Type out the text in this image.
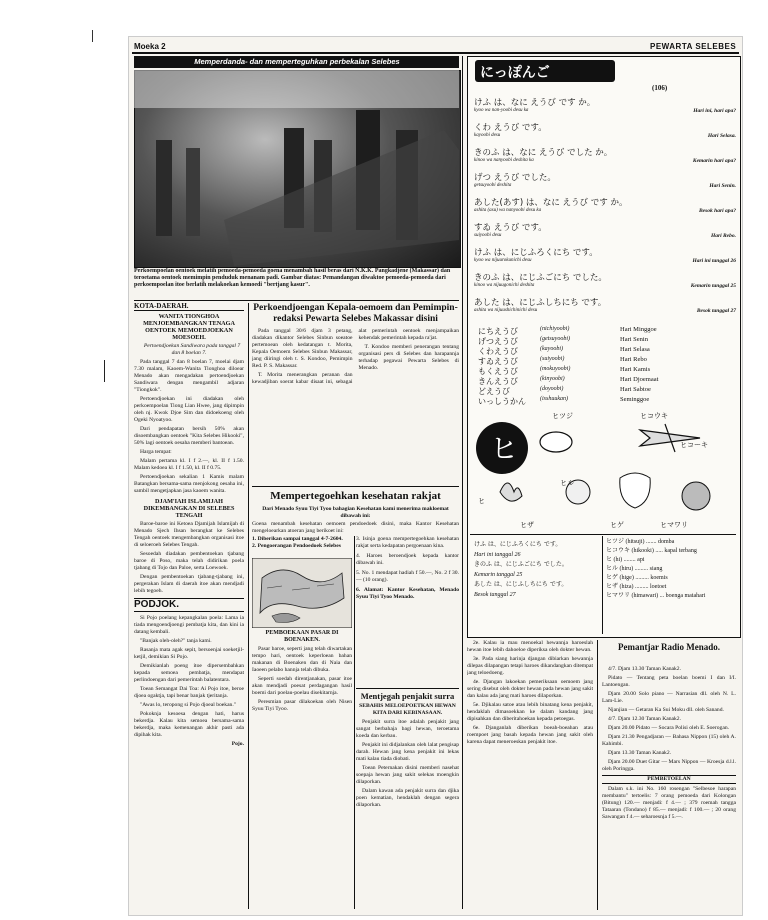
Moeka 2	PEWARTA SELEBES
Memperdanda- dan memperteguhkan perbekalan Selebes
Perkoempoelan oentoek melatih pemoeda-pemoeda goena menambah hasil beras dari N.K.K. Pangkadjene (Makassar) dan teroetama oentoek memimpin penduduk menanam padi. Gambar diatas: Pemandangan diwaktoe pemoeda-pemoeda dari perkoempoelan itoe berlatih melakoekan kemoedi "bertjang kasur".
KOTA-DAERAH.
WANITA TIONGHOA MENJOEMBANGKAN TENAGA OENTOEK MEMOEDJOEKAN MOESOEH.

Pertoendjoekan Sandiwara pada tanggal 7 dan 8 boelan 7.

Pada tanggal 7 dan 8 boelan 7, moelai djam 7.30 malam, Kaoem-Wanita Tionghoa diloear Menado akan mengadakan pertoendjoekan Sandiwara dengan mengambil adjaran "Tiongkok".

Pertoendjoekan ini diadakan oleh perkoempoelan Tiong Lian Hwee, jang dipimpin oleh nj. Kwok Djoe Sim dan didoekoeng oleh Ogeki Nyoatyoo.

Dari pendapatan bersih 50% akan disoembangkan oentoek "Kita Selebes Hikooki", 50% lagi oentoek oesaha memberi bantoean.

Harga tempat:

Malam pertama kl. I f 2.—, kl. II f 1.50. Malam kedoea kl. I f 1.50, kl. II f 0.75.

Pertoendjoekan sekalian 1 Kamis malam Batangkan bersama-sama menjokong oesaha ini, sambil mengetjapkan jasa kaoem wanita.

DJAM'IAH ISLAMIJAH DIKEMBANGKAN DI SELEBES TENGAH

Baroe-baroe ini Ketoea Djamijah Islamijah di Menado Sjech Ihsan berangkat ke Selebes Tengah oentoek mengembangkan organisasi itoe di seloeroeh Selebes Tengah.

Sesoedah diadakan pembentoekan tjabang baroe di Poso, maka telah didirikan poela tjabang di Tojo dan Paloe, serta Loewoek.

Dengan pembentoekan tjabang-tjabang ini, pergerakan Islam di daerah itoe akan mendjadi lebih tegoeh.

PODJOK.

Si Pojo poelang kepangkalan poela: Lama ia tiada mengoendjoengi pembatja kita, dan kini ia datang kembali.

"Banjak oleh-oleh?" tanja kami.

Rasanja mata agak sepit, bersoenjai soeketjil-ketjil, demikian Si Pojo.

Demikianlah poeng itoe dipersembahkan kepada semoea pembatja, mendapat perlindoengan dari pemerintah balatentara.

Toean Semangat Dai Toa: Ai Pojo itoe, beroe djoea ogaktja, tapi benar banjak tjeritanja.

"Awas lo, teropong si Pojo djoeal boekan."

Pokoknja kesoesa dengan hati, harus bekerdja. Kalau kita semoea bersama-sama bekerdja, maka kemenangan akhir pasti ada dipihak kita.

Pojo.
Perkoendjoengan Kepala-oemoem dan Pemimpin-redaksi Pewarta Selebes Makassar disini

Pada tanggal 30/6 djam 3 petang, diadakan dikantor Selebes Sinbun soeatoe pertemoean oleh kedatangan t. Morita, Kepala Oemoem Selebes Sinbun Makassar, jang diiringi oleh t. S. Kondoo, Pemimpin Red. P. S. Makassar.

T. Morita menerangkan peranan dan kewadjiban soerat kabar disaat ini, sebagai alat pemerintah oentoek menjampaikan kehendak pemerintah kepada ra'jat.

T. Kondoo memberi penerangan tentang organisasi pers di Selebes dan harapannja terhadap pegawai Pewarta Selebes di Menado.

Mempertegoehkan kesehatan rakjat
Dari Menado Syuu Tiyi Tyoo bahagian Kesehatan kami menerima makloemat dibawah ini:
Goena menambah kesehatan oemoem pendoedoek disini, maka Kantor Kesehatan mengeloearkan atoeran jang berikoet ini:
1. Diberikan sampai tanggal 4-7-2604.
2. Pengoerangan Pendoedoek Selebes
3. Isinja goena mempertegoehkan kesehatan rakjat serta kedapatan pergoenaan kina.
4. Haroes beroendjoek kepada kantor dibawah ini.
5. No. 1 mendapat hadiah f 50.—, No. 2 f 30.— (10 orang).
6. Alamat: Kantor Kesehatan, Menado Syuu Tiyi Tyoo Menado.
PEMBOEKAAN PASAR DI BOENAKEN.

Pasar baroe, seperti jang telah diwartakan tempo hari, oentoek keperloean bahan makanan di Boenaken dan di Naia dan Iaoeen pelabo hannja telah dibuka.

Seperti soedah direntjanakan, pasar itoe akan mendjadi poesat perdagangan hasil boemi dari poelau-poelau disekitarnja.

Peresmian pasar dilakoekan oleh Nisen Syuu Tiyi Tyoo.

Mentjegah penjakit surra
SEBAHIS MELOEPOETKAN HEWAN KITA DARI KEBINASAAN.

Penjakit surra itoe adalah penjakit jang sangat berbahaja bagi hewan, teroetama koeda dan kerbau.

Penjakit ini didjalankan oleh lalat pengisap darah. Hewan jang kena penjakit ini lekas mati kalau tiada diobati.

Toean Peternakan disini memberi nasehat soepaja hewan jang sakit selekas moengkin dilaporkan.

Dalam kawan ada penjakit surra dan djika poen kematian, hendaklah dengan segera dilaporkan.

にっぽんご
(106)
けふ は、なに えうび です か。
kyoo wa nan-yoobi desu ka	Hari ini, hari apa?
くわ えうび です。
kayoobi desu	Hari Selasa.
きのふ は、なに えうび でした か。
kinoo wa nanyoobi deshita ka	Kemarin hari apa?
げつ えうび でした。
getsuyoobi deshita	Hari Senin.
あした(あす) は、なに えうび です か。
ashita (asu) wa nanyoobi desu ka	Besok hari apa?
すゐ えうび です。
suiyoobi desu	Hari Rebo.
けふ は、にじふろくにち です。
kyoo wa nijuurokunichi desu	Hari ini tanggal 26
きのふ は、にじふごにち でした。
kinoo wa nijuugonichi deshita	Kemarin tanggal 25
あした は、にじふしちにち です。
ashita wa nijuushichinichi desu	Besok tanggal 27
にちえうび	(nichiyoobi)	Hari Minggoe
げつえうび	(getsuyoobi)	Hari Senin
くわえうび	(kayoobi)	Hari Selasa
すゐえうび	(suiyoobi)	Hari Rebo
もくえうび	(mokuyoobi)	Hari Kamis
きんえうび	(kinyoobi)	Hari Djoemaat
どえうび	(doyoobi)	Hari Sabtoe
いっしうかん	(isshuukan)	Seminggoe
ヒ
ヒツジ	ヒコウキ
ヒ
ヒル
ヒコーキ
ヒザ	ヒゲ	ヒマワリ
ヒツジ (hitsuji) ....... domba
ヒコウキ (hikooki) ..... kapal terbang
ヒ (hi) ........ api
ヒル (hiru) ......... siang
ヒゲ (hige) ......... koemis
ヒザ (hiza) ......... loetoet
ヒマワリ (himawari) ... boenga matahari
けふ は、にじふろくにち です。
Hari ini tanggal 26
きのふ は、にじふごにち でした。
Kemarin tanggal 25
あした は、にじふしちにち です。
Besok tanggal 27

2e. Kalau ia mau menoekal hewannja haroeslah hewan itoe lebih dahoeloe diperiksa oleh dokter hewan.

3e. Pada siang harinja djangan dibiarkan hewannja dilepas dilapangan tetapi haroes dikandangkan ditempat jang teloedoeng.

4e. Djangan lakoekan pemeriksaan oemoem jang sering disebut oleh dokter hewan pada hewan jang sakit dan kalau ada jang mati haroes dilaporkan.

5e. Djikalau satoe atau lebih binatang kena penjakit, hendaklah dimasoekkan ke dalam kandang jang dipisahkan dan diberitahoekan kepada petoegas.

6e. Djanganlah diberikan boeah-boeahan atau roempoet jang basah kepada hewan jang sakit oleh karena dapat meneroeskan penjakit itoe.

Pemantjar Radio Menado.

4/7. Djam 13.30 Taman Kanak2.

Pidato — Tentang peta boelan boemi I dan I/I. Lantoengan.

Djam 20.00 Solo piano — Narrasian dll. oleh N. L. Lam-Lie.

Njanjian — Getaran Ka Sui Moku dll. oleh Sanand.

4/7. Djam 12.30 Taman Kanak2.

Djam 20.00 Pidato — Socara Polisi oleh E. Soerogan.

Djam 21.30 Pengadjaran — Bahasa Nippon (15) oleh A. Kahimbi.

Djam 13.30 Taman Kanak2.

Djam 20.00 Duet Gitar — Mars Nippon — Kroesja d.l.l. oleh Poringga.

PEMBETOELAN

Dalam s.k. ini No. 160 rosengan "Selbesoe harapan membantu" tertoelis: 7 orang pemoeda dari Kolongan (Bitung) 120.— menjadi: f 4.— ; 379 roemah tangga Tataaran (Tondano) f 85.— menjadi: f 100.— ; 20 orang Sawangan f 4.— seharoesnja f 5.—.
